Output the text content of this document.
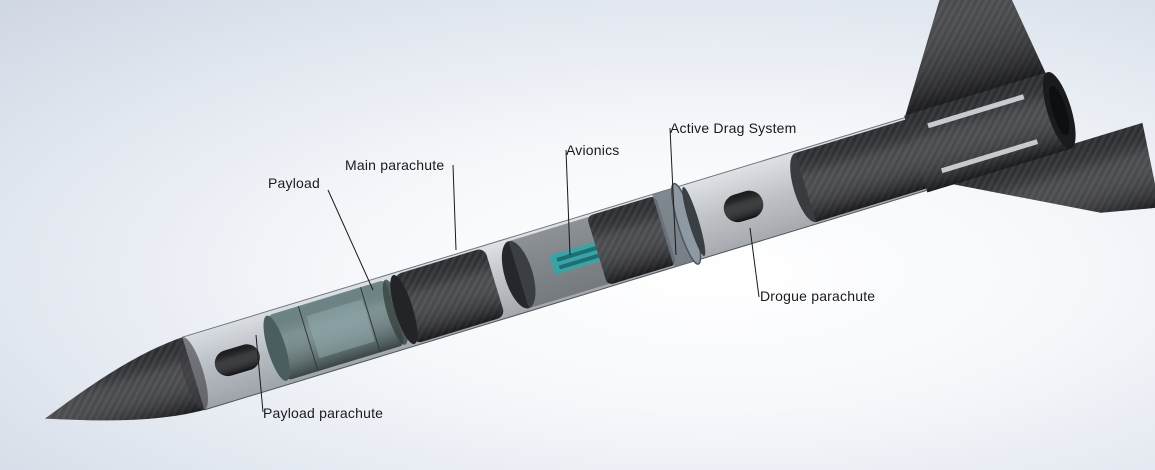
Payload
Main parachute
Avionics
Active Drag System
Drogue parachute
Payload parachute
